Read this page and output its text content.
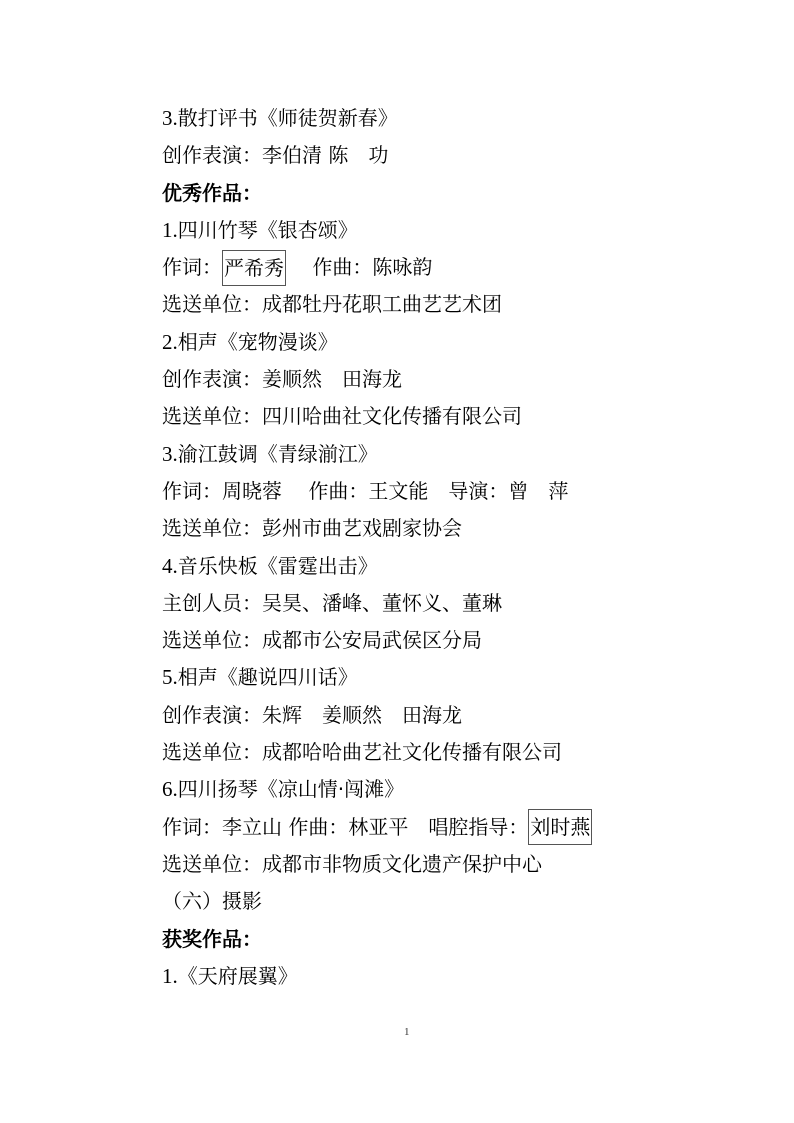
3.散打评书《师徒贺新春》
创作表演：李伯清 陈　功
优秀作品：
1.四川竹琴《银杏颂》
作词： 严希秀　 作曲：陈咏韵
选送单位：成都牡丹花职工曲艺艺术团
2.相声《宠物漫谈》
创作表演：姜顺然　田海龙
选送单位：四川哈曲社文化传播有限公司
3.渝江鼓调《青绿湔江》
作词：周晓蓉　 作曲：王文能　导演：曾　萍
选送单位：彭州市曲艺戏剧家协会
4.音乐快板《雷霆出击》
主创人员：吴昊、潘峰、董怀义、董琳
选送单位：成都市公安局武侯区分局
5.相声《趣说四川话》
创作表演：朱辉　姜顺然　田海龙
选送单位：成都哈哈曲艺社文化传播有限公司
6.四川扬琴《凉山情·闯滩》
作词：李立山 作曲：林亚平　唱腔指导： 刘时燕
选送单位：成都市非物质文化遗产保护中心
（六）摄影
获奖作品：
1.《天府展翼》
1
